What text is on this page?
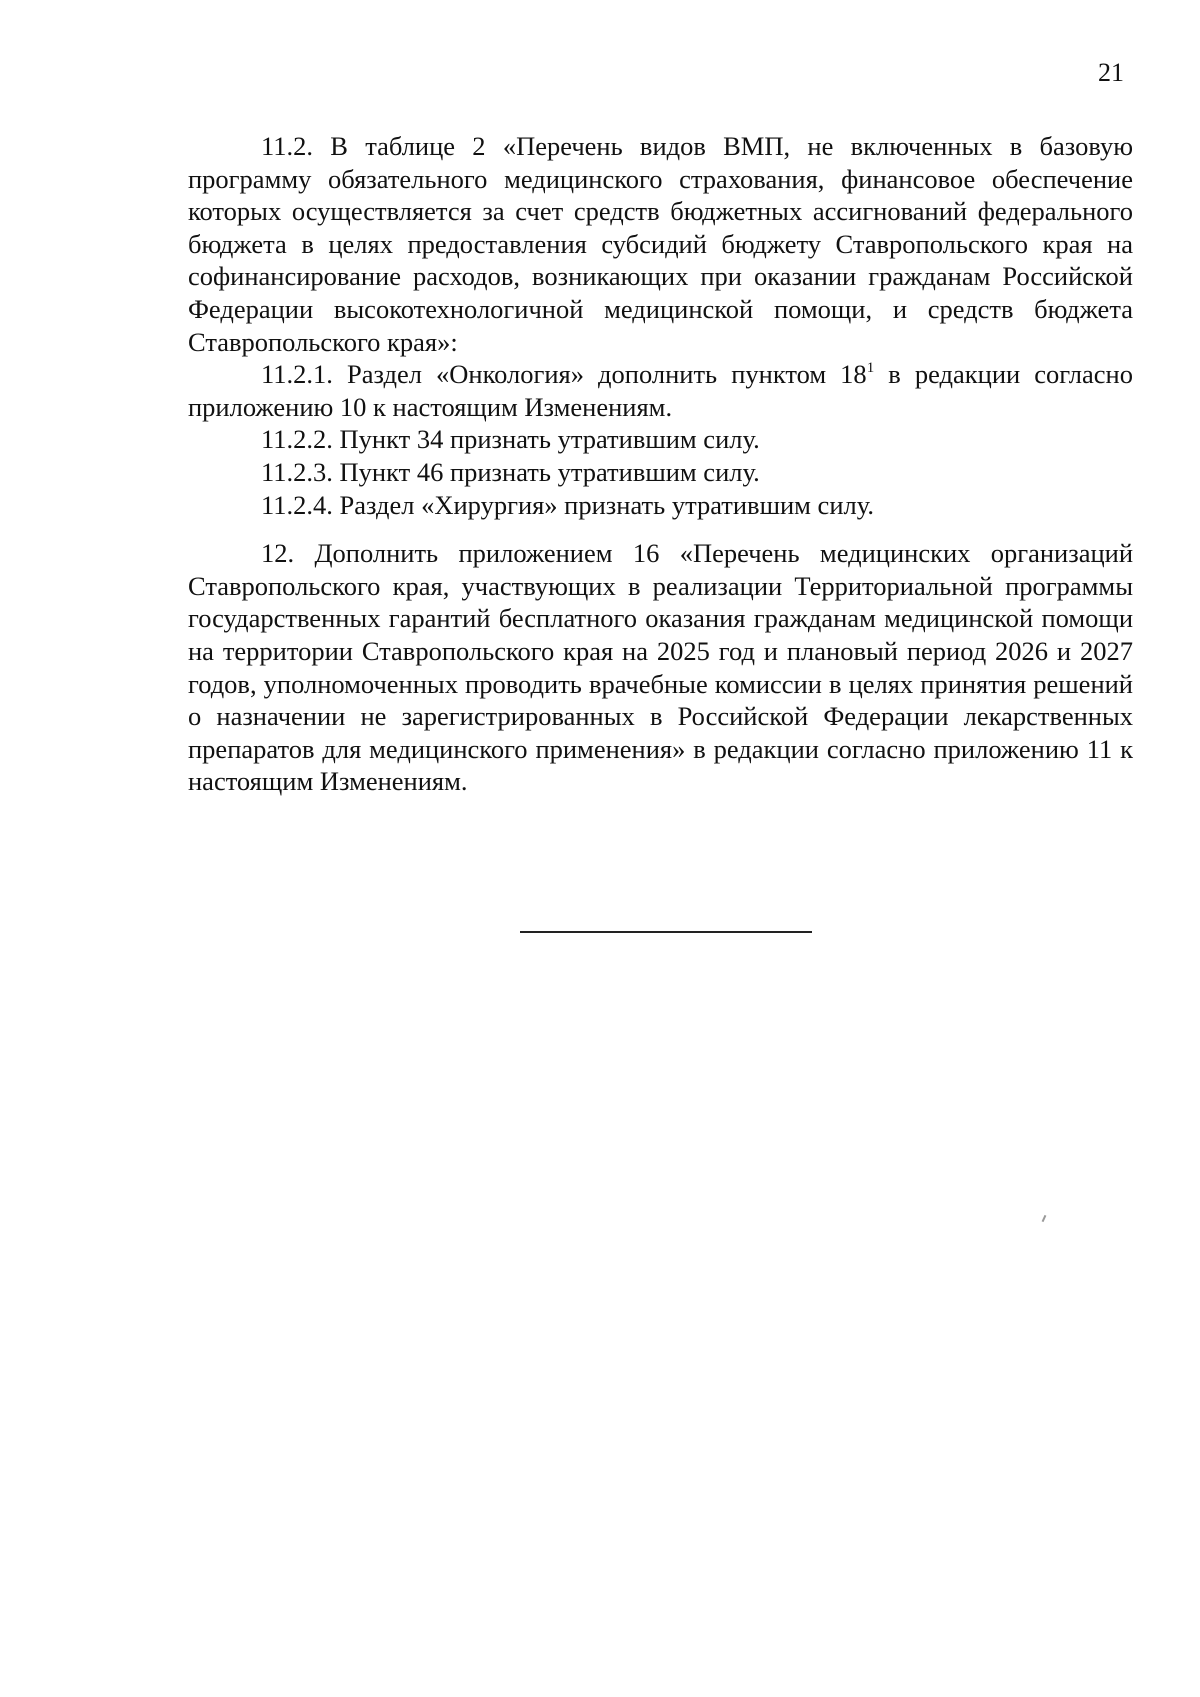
21

11.2. В таблице 2 «Перечень видов ВМП, не включенных в базовую программу обязательного медицинского страхования, финансовое обеспечение которых осуществляется за счет средств бюджетных ассигнований федерального бюджета в целях предоставления субсидий бюджету Ставропольского края на софинансирование расходов, возникающих при оказании гражданам Российской Федерации высокотехнологичной медицинской помощи, и средств бюджета Ставропольского края»:

11.2.1. Раздел «Онкология» дополнить пунктом $18^1$ в редакции согласно приложению 10 к настоящим Изменениям.

11.2.2. Пункт 34 признать утратившим силу.

11.2.3. Пункт 46 признать утратившим силу.

11.2.4. Раздел «Хирургия» признать утратившим силу.

12. Дополнить приложением 16 «Перечень медицинских организаций Ставропольского края, участвующих в реализации Территориальной программы государственных гарантий бесплатного оказания гражданам медицинской помощи на территории Ставропольского края на 2025 год и плановый период 2026 и 2027 годов, уполномоченных проводить врачебные комиссии в целях принятия решений о назначении не зарегистрированных в Российской Федерации лекарственных препаратов для медицинского применения» в редакции согласно приложению 11 к настоящим Изменениям.
